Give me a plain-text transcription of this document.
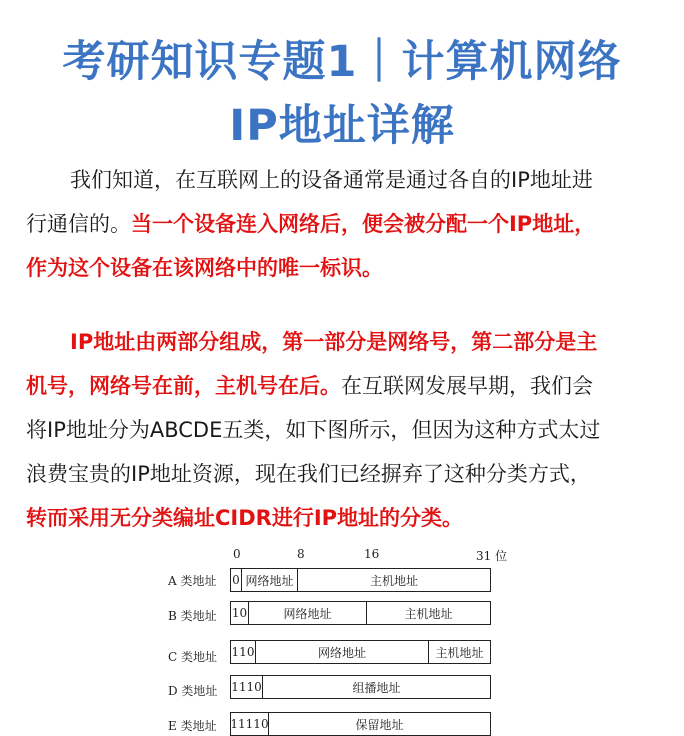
考研知识专题1｜计算机网络
IP地址详解
我们知道，在互联网上的设备通常是通过各自的IP地址进
行通信的。当一个设备连入网络后，便会被分配一个IP地址，
作为这个设备在该网络中的唯一标识。
IP地址由两部分组成，第一部分是网络号，第二部分是主
机号，网络号在前，主机号在后。在互联网发展早期，我们会
将IP地址分为ABCDE五类，如下图所示，但因为这种方式太过
浪费宝贵的IP地址资源，现在我们已经摒弃了这种分类方式，
转而采用无分类编址CIDR进行IP地址的分类。
0	8	16	31 位
A 类地址	0 网络地址	主机地址
B 类地址	10	网络地址	主机地址
C 类地址	110	网络地址	主机地址
D 类地址	1110	组播地址
E 类地址	11110	保留地址
